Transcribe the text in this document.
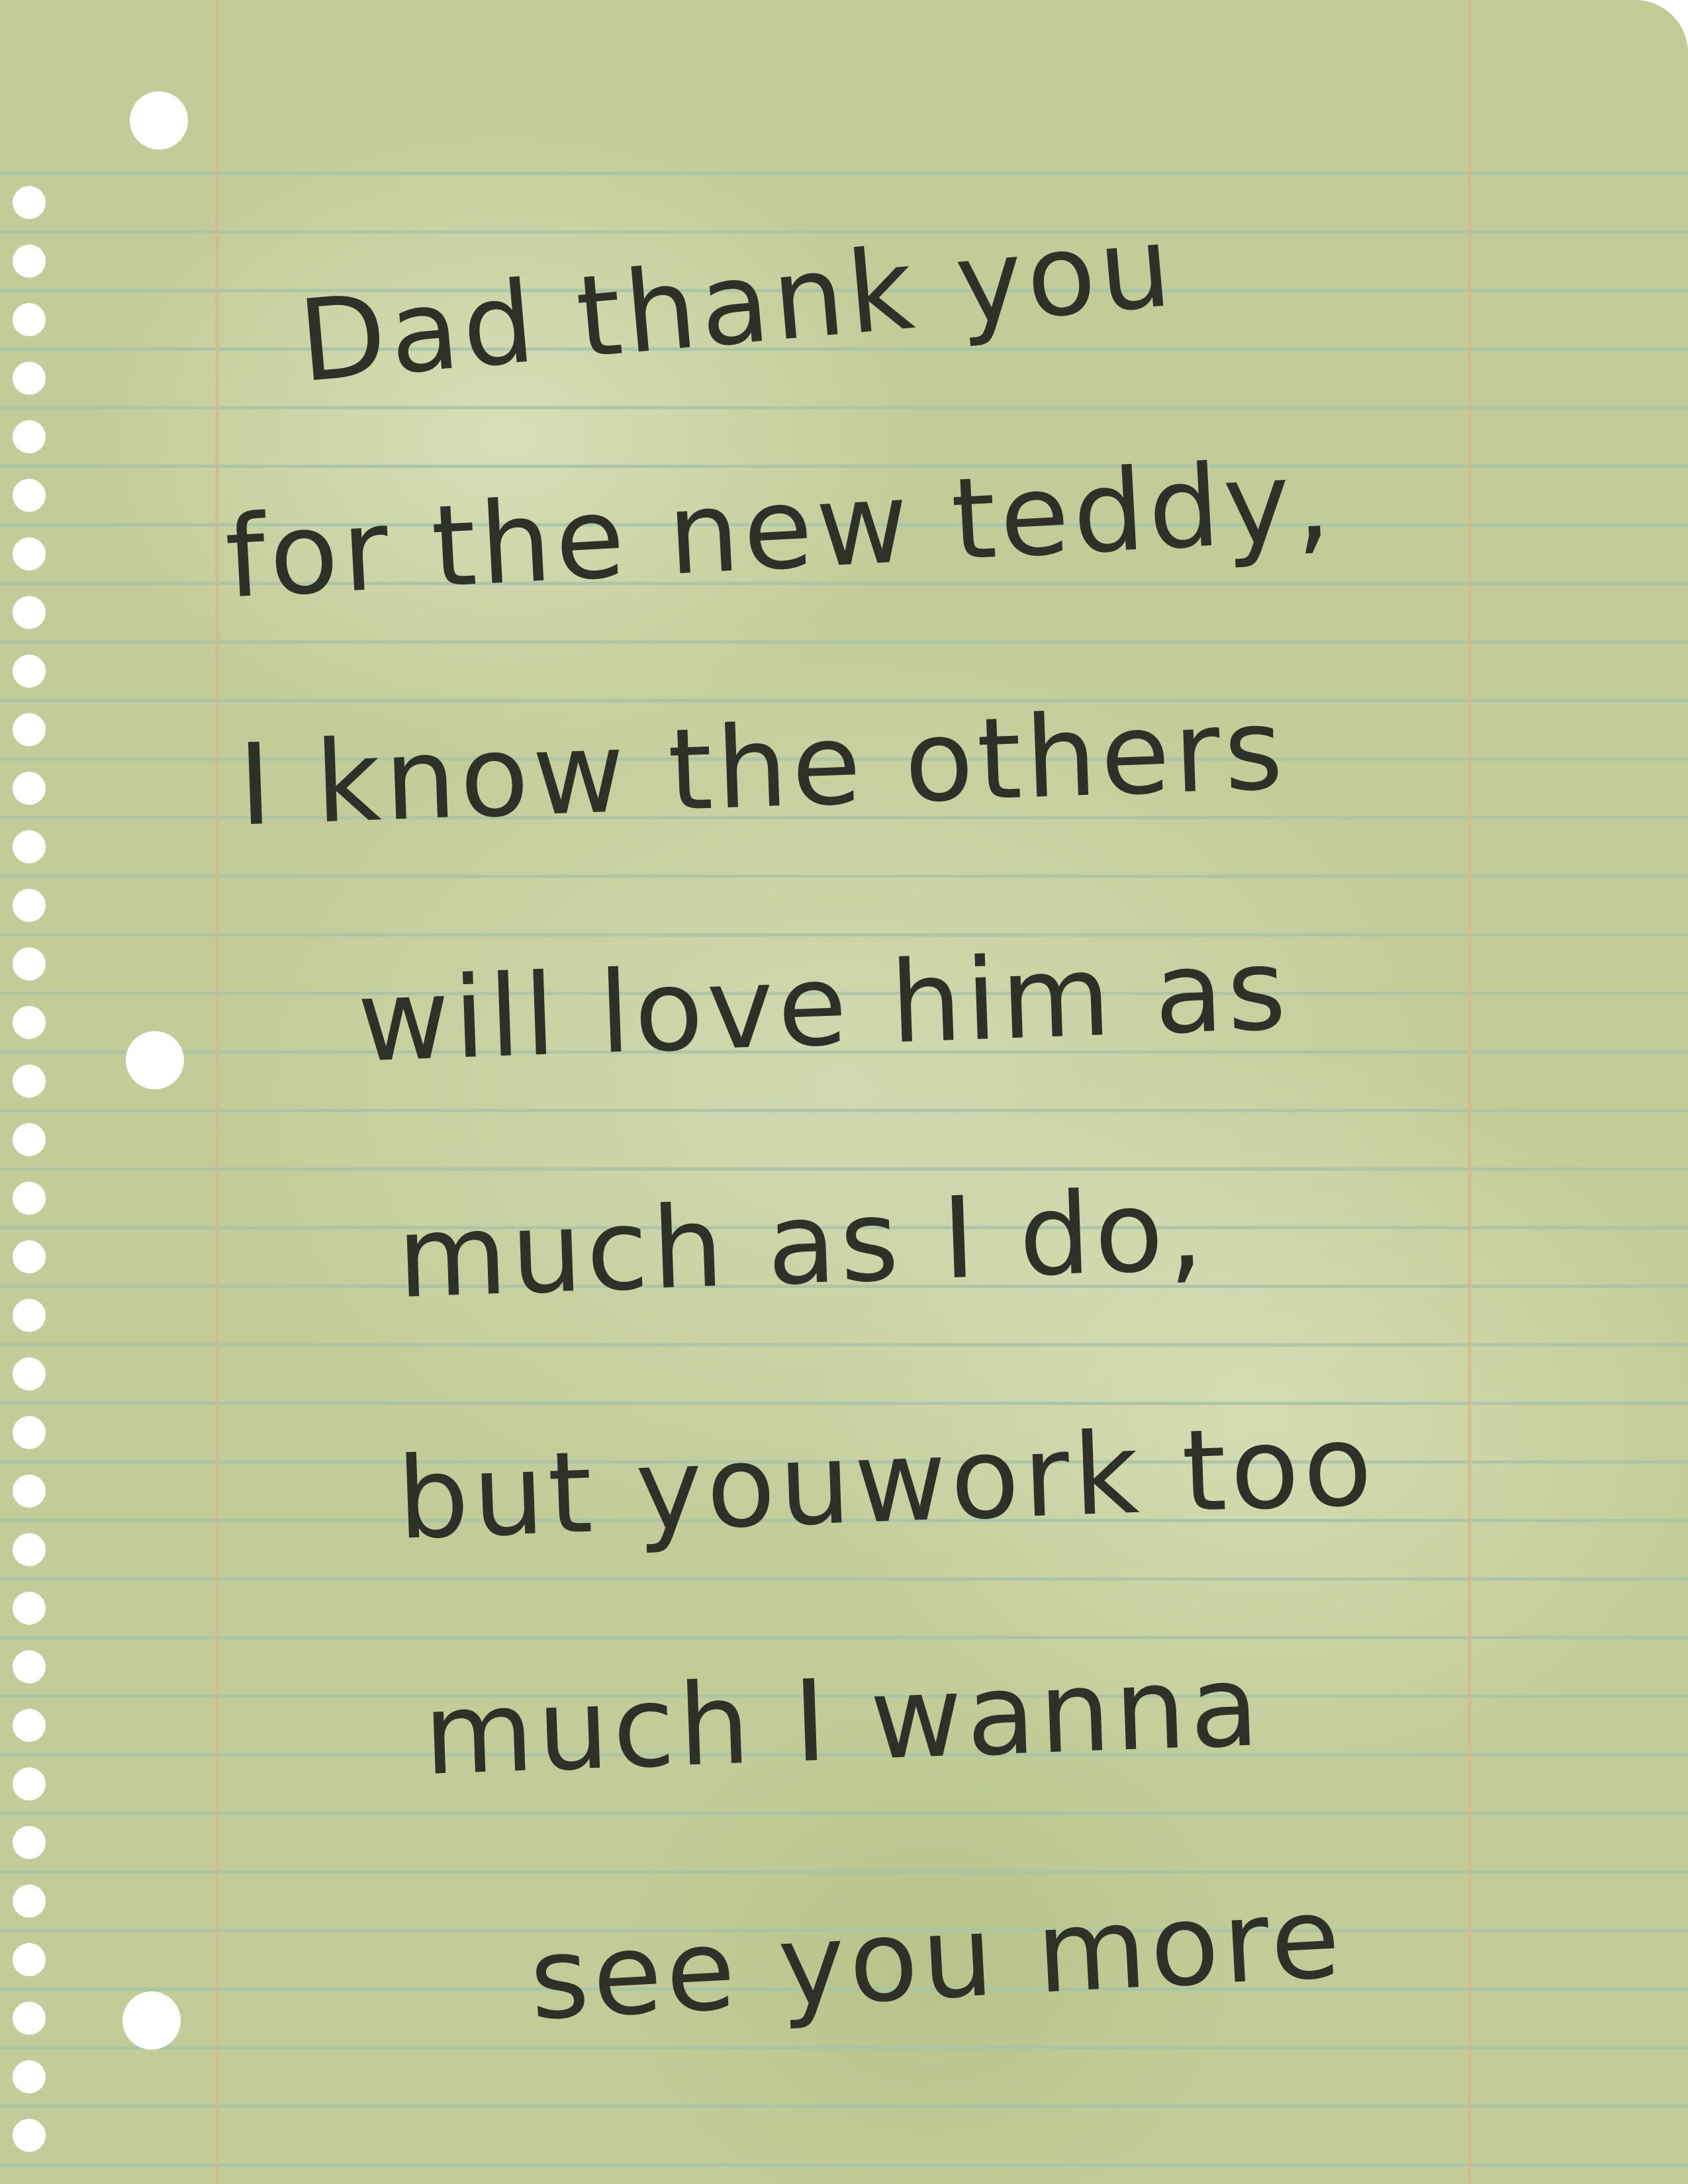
Dad thank you
for the new teddy,
I know the others
will love him as
much as I do,
but youwork too
much I wanna
see you more
